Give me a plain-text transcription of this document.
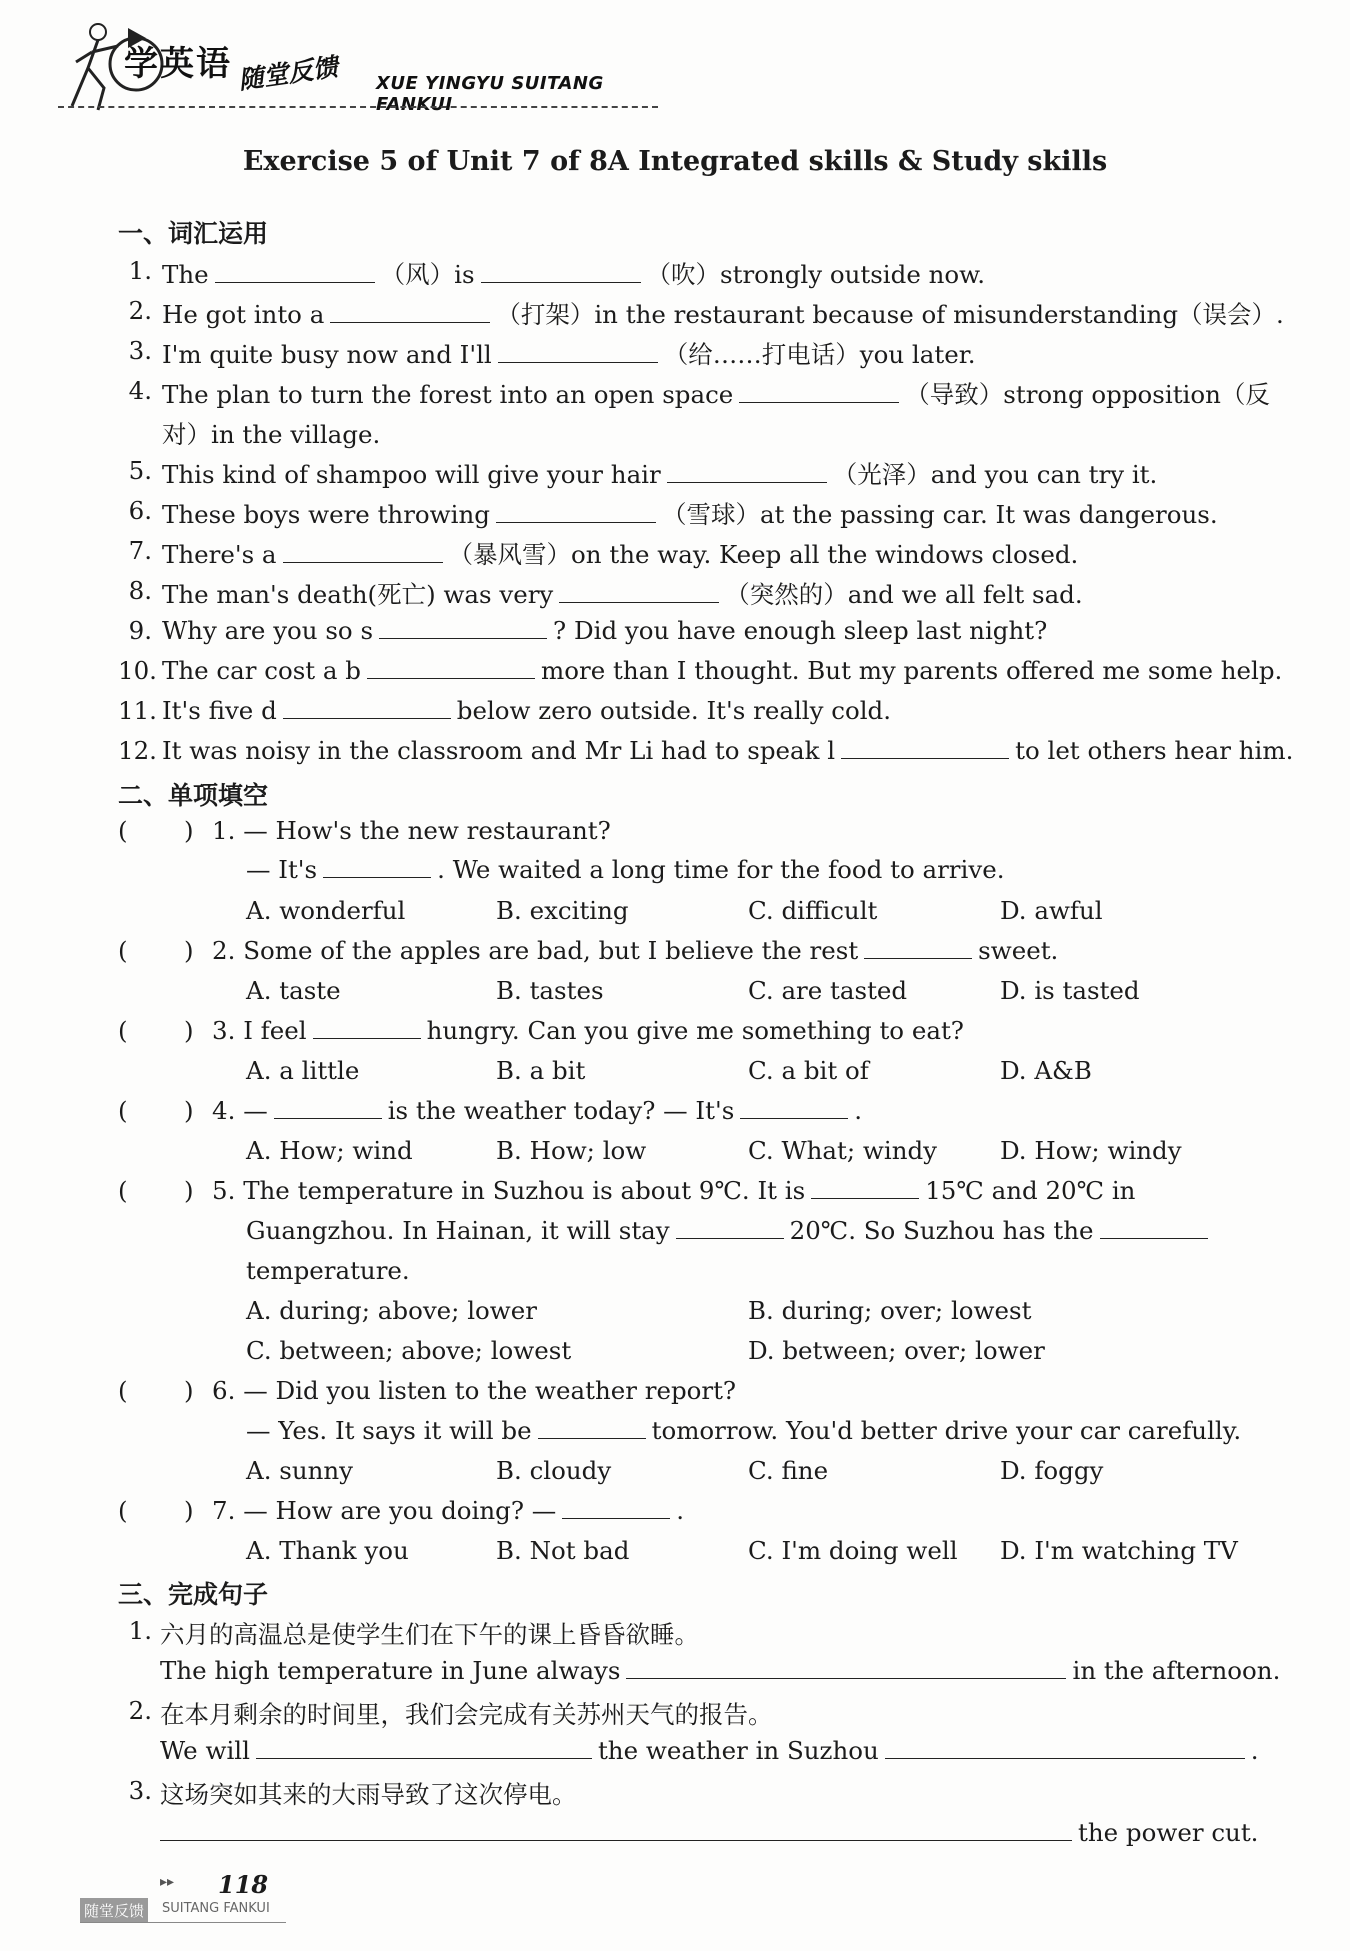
学英语 随堂反馈 XUE YINGYU SUITANG FANKUI
Exercise 5 of Unit 7 of 8A Integrated skills & Study skills
一、词汇运用
1. The	（风）is	（吹）strongly outside now.
2. He got into a	（打架）in the restaurant because of misunderstanding（误会）.
3. I'm quite busy now and I'll	（给……打电话）you later.
4. The plan to turn the forest into an open space	（导致）strong opposition（反
对）in the village.
5. This kind of shampoo will give your hair	（光泽）and you can try it.
6. These boys were throwing	（雪球）at the passing car. It was dangerous.
7. There's a	（暴风雪）on the way. Keep all the windows closed.
8. The man's death(死亡) was very	（突然的）and we all felt sad.
9. Why are you so s	? Did you have enough sleep last night?
10. The car cost a b	more than I thought. But my parents offered me some help.
11. It's five d	below zero outside. It's really cold.
12. It was noisy in the classroom and Mr Li had to speak l	to let others hear him.
二、单项填空
( ) 1. — How's the new restaurant?
— It's	. We waited a long time for the food to arrive.
A. wonderful	B. exciting	C. difficult	D. awful
( ) 2. Some of the apples are bad, but I believe the rest	sweet.
A. taste	B. tastes	C. are tasted	D. is tasted
( ) 3. I feel	hungry. Can you give me something to eat?
A. a little	B. a bit	C. a bit of	D. A&B
( ) 4. —	is the weather today? — It's	.
A. How; wind	B. How; low	C. What; windy	D. How; windy
( ) 5. The temperature in Suzhou is about 9℃. It is	15℃ and 20℃ in
Guangzhou. In Hainan, it will stay	20℃. So Suzhou has the
temperature.
A. during; above; lower	B. during; over; lowest
C. between; above; lowest	D. between; over; lower
( ) 6. — Did you listen to the weather report?
— Yes. It says it will be	tomorrow. You'd better drive your car carefully.
A. sunny	B. cloudy	C. fine	D. foggy
( ) 7. — How are you doing? —	.
A. Thank you	B. Not bad	C. I'm doing well D. I'm watching TV
三、完成句子
1. 六月的高温总是使学生们在下午的课上昏昏欲睡。
The high temperature in June always	in the afternoon.
2. 在本月剩余的时间里，我们会完成有关苏州天气的报告。
We will	the weather in Suzhou	.
3. 这场突如其来的大雨导致了这次停电。
the power cut.
▸▸ 118
随堂反馈	SUITANG FANKUI
